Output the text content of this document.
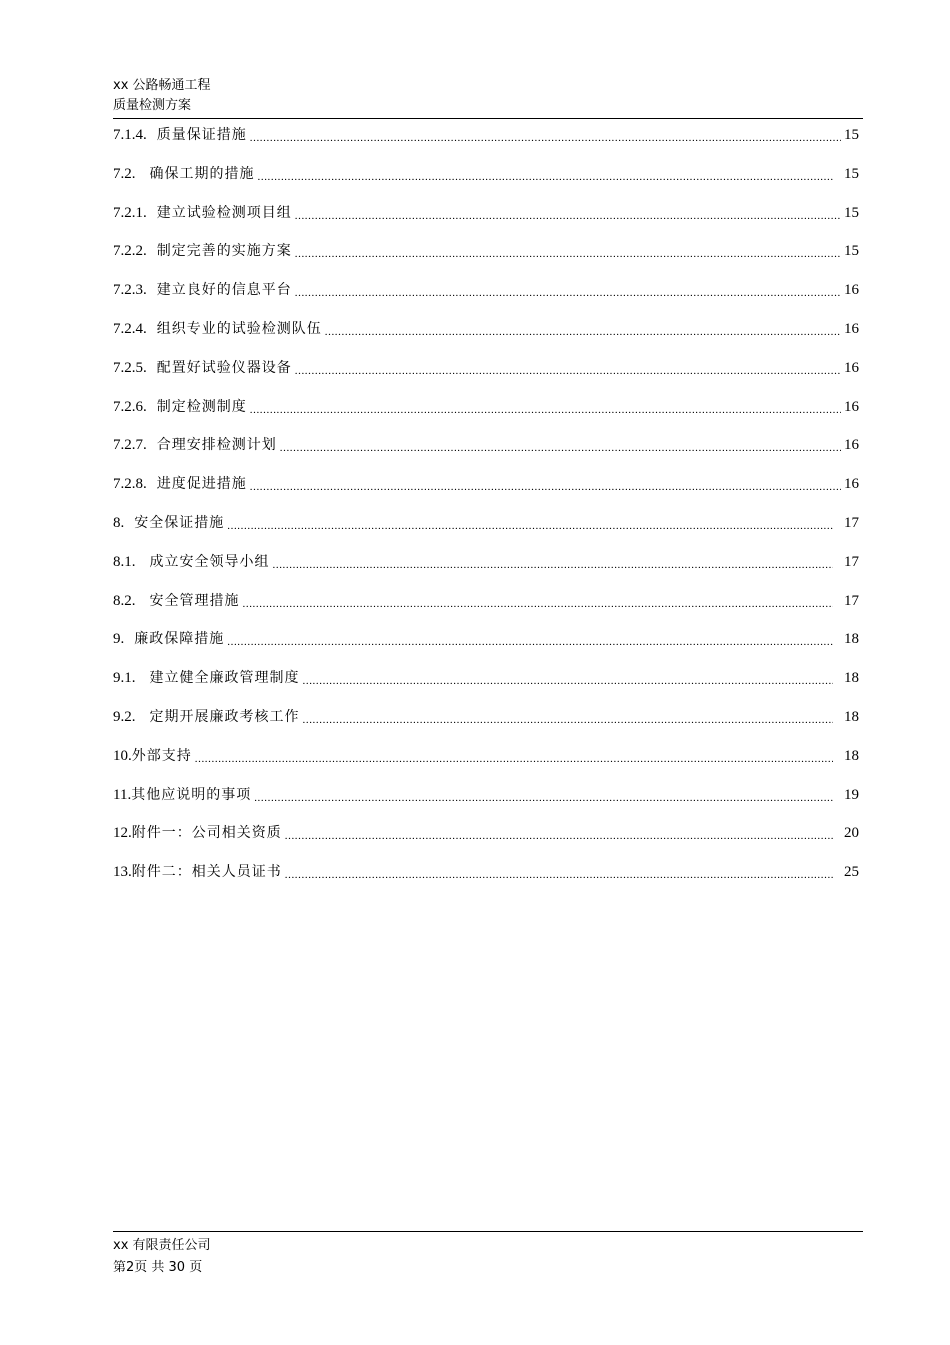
xx 公路畅通工程
质量检测方案
7.1.4. 质量保证措施 .....	15
7.2.	确保工期的措施 .....	15
7.2.1. 建立试验检测项目组 .....	15
7.2.2. 制定完善的实施方案 .....	15
7.2.3. 建立良好的信息平台 .....	16
7.2.4. 组织专业的试验检测队伍 .....	16
7.2.5. 配置好试验仪器设备 .....	16
7.2.6. 制定检测制度 .....	16
7.2.7. 合理安排检测计划 .....	16
7.2.8. 进度促进措施 .....	16
8. 安全保证措施 .....	17
8.1.	成立安全领导小组 .....	17
8.2.	安全管理措施 .....	17
9. 廉政保障措施 .....	18
9.1.	建立健全廉政管理制度 .....	18
9.2.	定期开展廉政考核工作 .....	18
10. 外部支持 .....	18
11. 其他应说明的事项 .....	19
12. 附件一：公司相关资质 .....	20
13. 附件二：相关人员证书 .....	25
xx 有限责任公司
第2页 共 30 页
